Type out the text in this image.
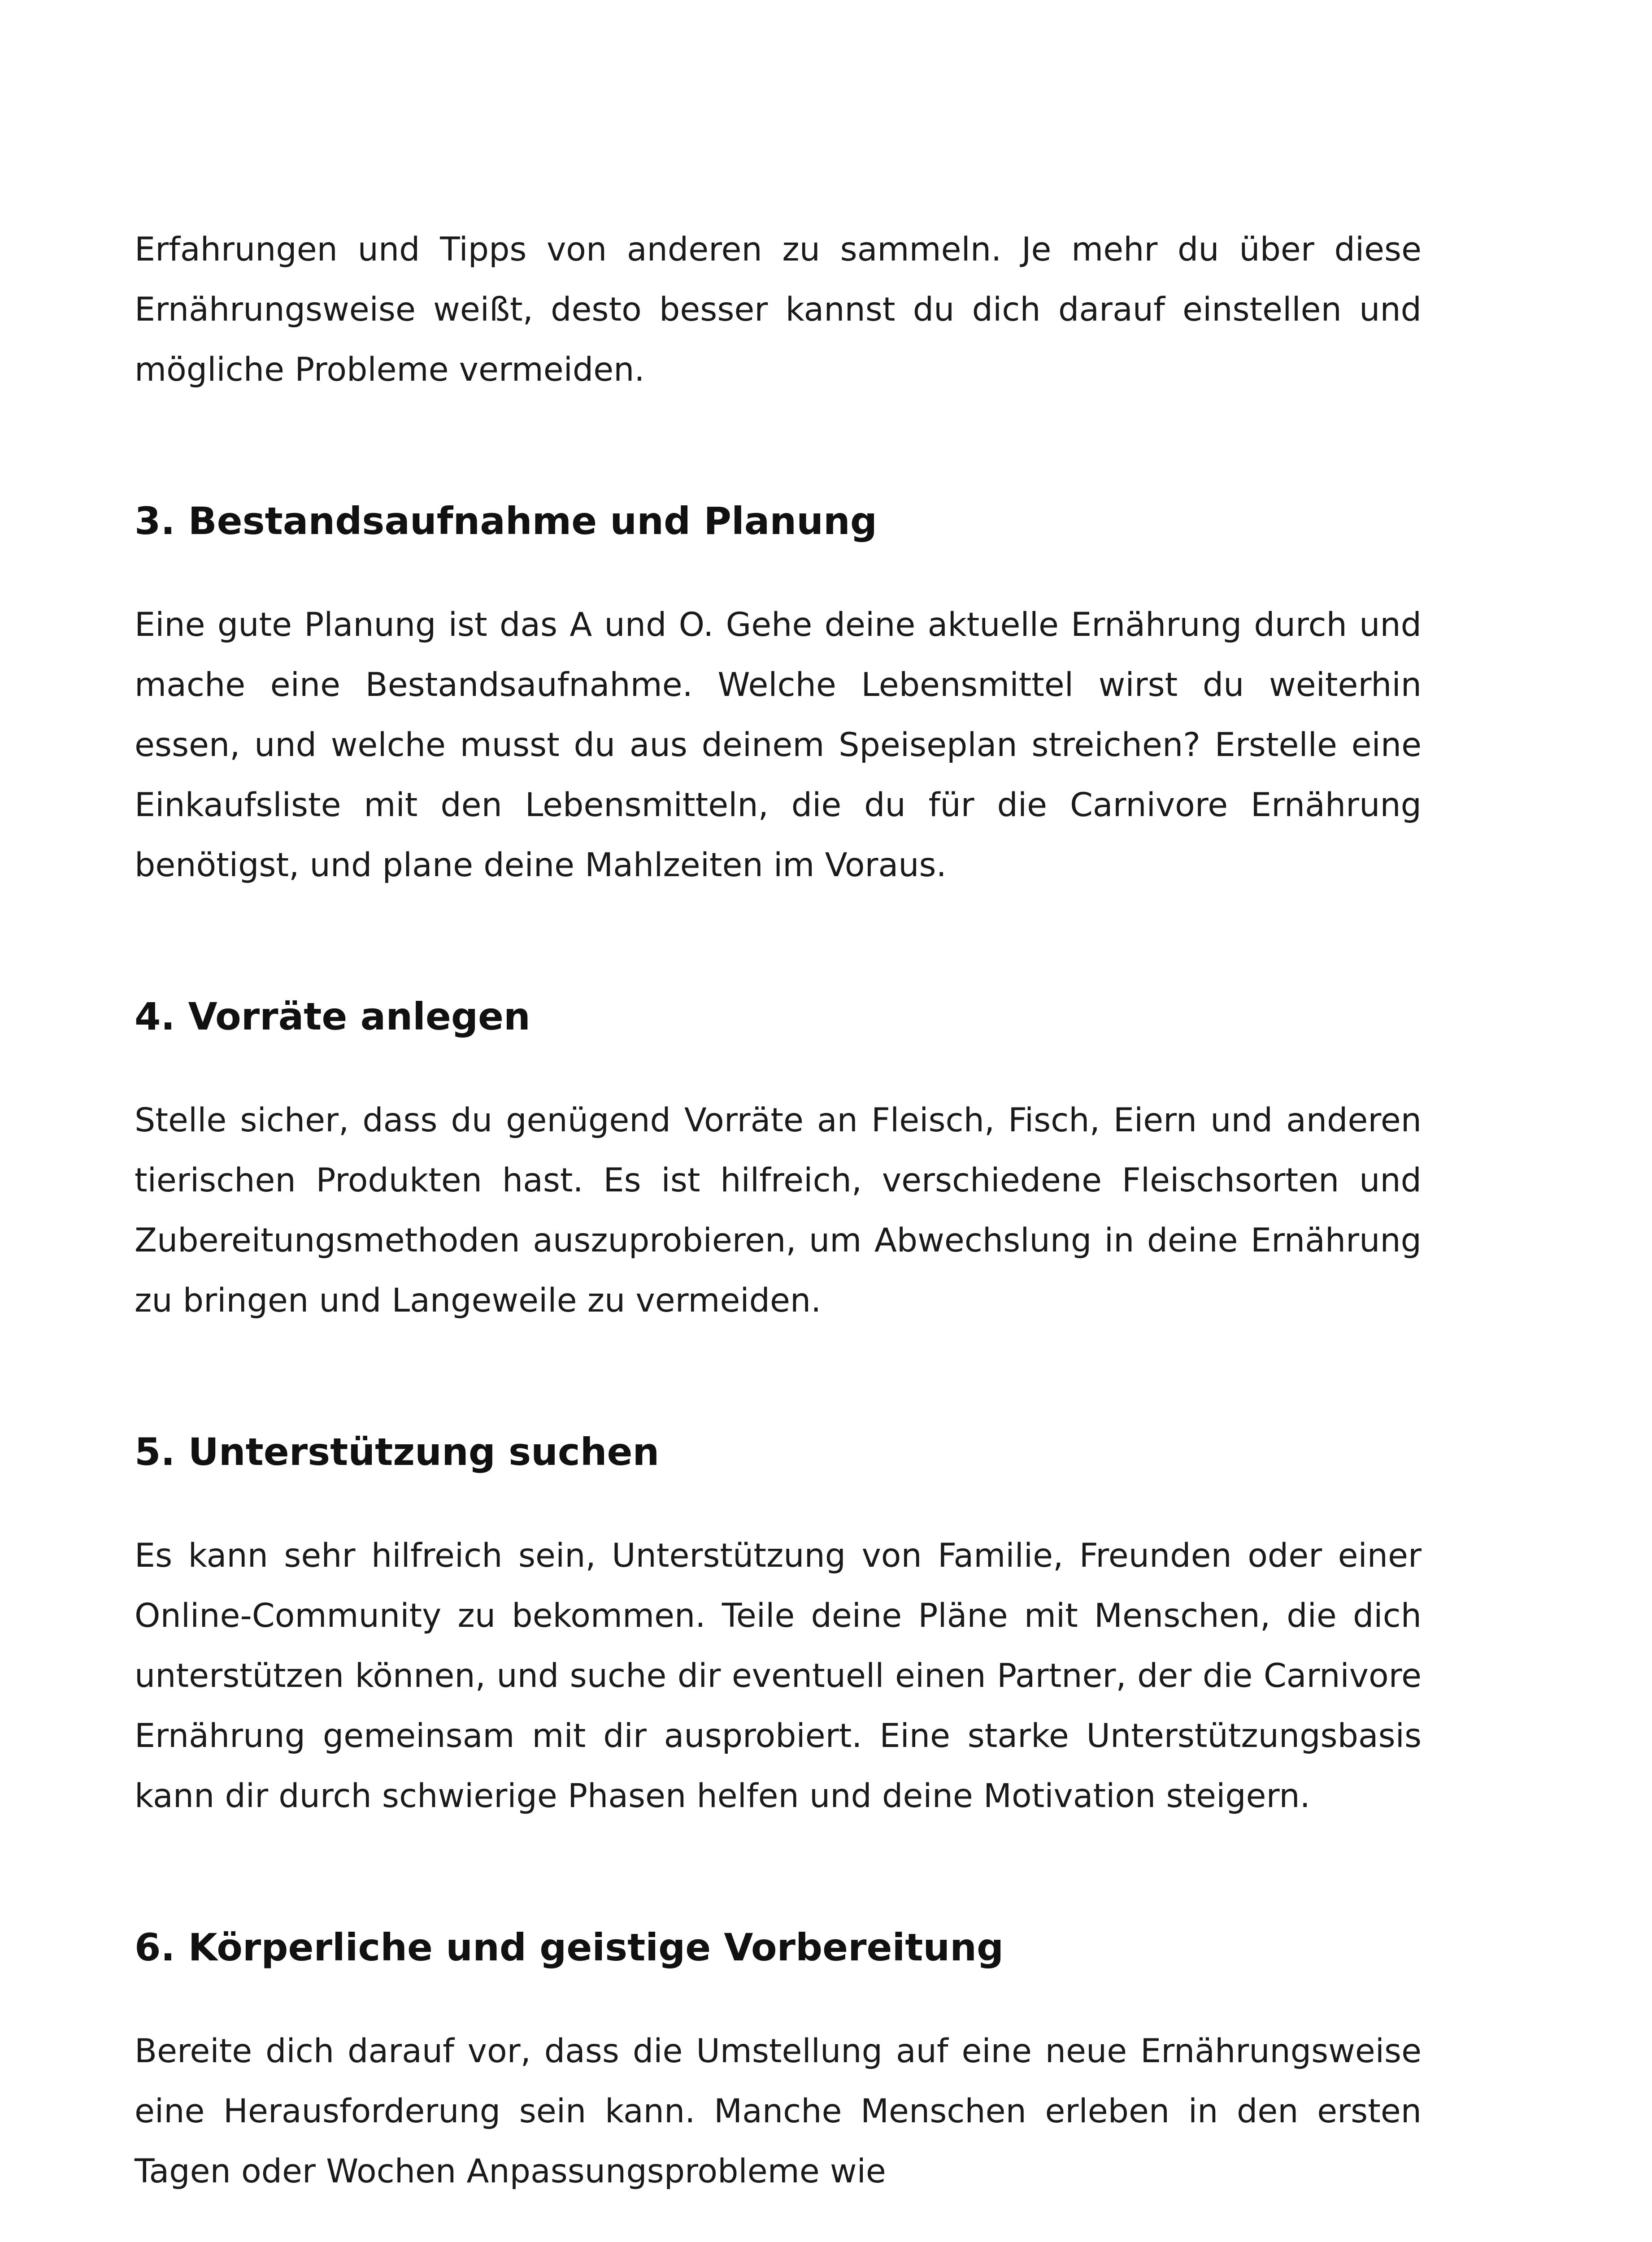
Erfahrungen und Tipps von anderen zu sammeln. Je mehr du über diese Ernährungsweise weißt, desto besser kannst du dich darauf einstellen und mögliche Probleme vermeiden.

3. Bestandsaufnahme und Planung

Eine gute Planung ist das A und O. Gehe deine aktuelle Ernährung durch und mache eine Bestandsaufnahme. Welche Lebensmittel wirst du weiterhin essen, und welche musst du aus deinem Speiseplan streichen? Erstelle eine Einkaufsliste mit den Lebensmitteln, die du für die Carnivore Ernährung benötigst, und plane deine Mahlzeiten im Voraus.

4. Vorräte anlegen

Stelle sicher, dass du genügend Vorräte an Fleisch, Fisch, Eiern und anderen tierischen Produkten hast. Es ist hilfreich, verschiedene Fleischsorten und Zubereitungsmethoden auszuprobieren, um Abwechslung in deine Ernährung zu bringen und Langeweile zu vermeiden.

5. Unterstützung suchen

Es kann sehr hilfreich sein, Unterstützung von Familie, Freunden oder einer Online-Community zu bekommen. Teile deine Pläne mit Menschen, die dich unterstützen können, und suche dir eventuell einen Partner, der die Carnivore Ernährung gemeinsam mit dir ausprobiert. Eine starke Unterstützungsbasis kann dir durch schwierige Phasen helfen und deine Motivation steigern.

6. Körperliche und geistige Vorbereitung

Bereite dich darauf vor, dass die Umstellung auf eine neue Ernährungsweise eine Herausforderung sein kann. Manche Menschen erleben in den ersten Tagen oder Wochen Anpassungsprobleme wie
